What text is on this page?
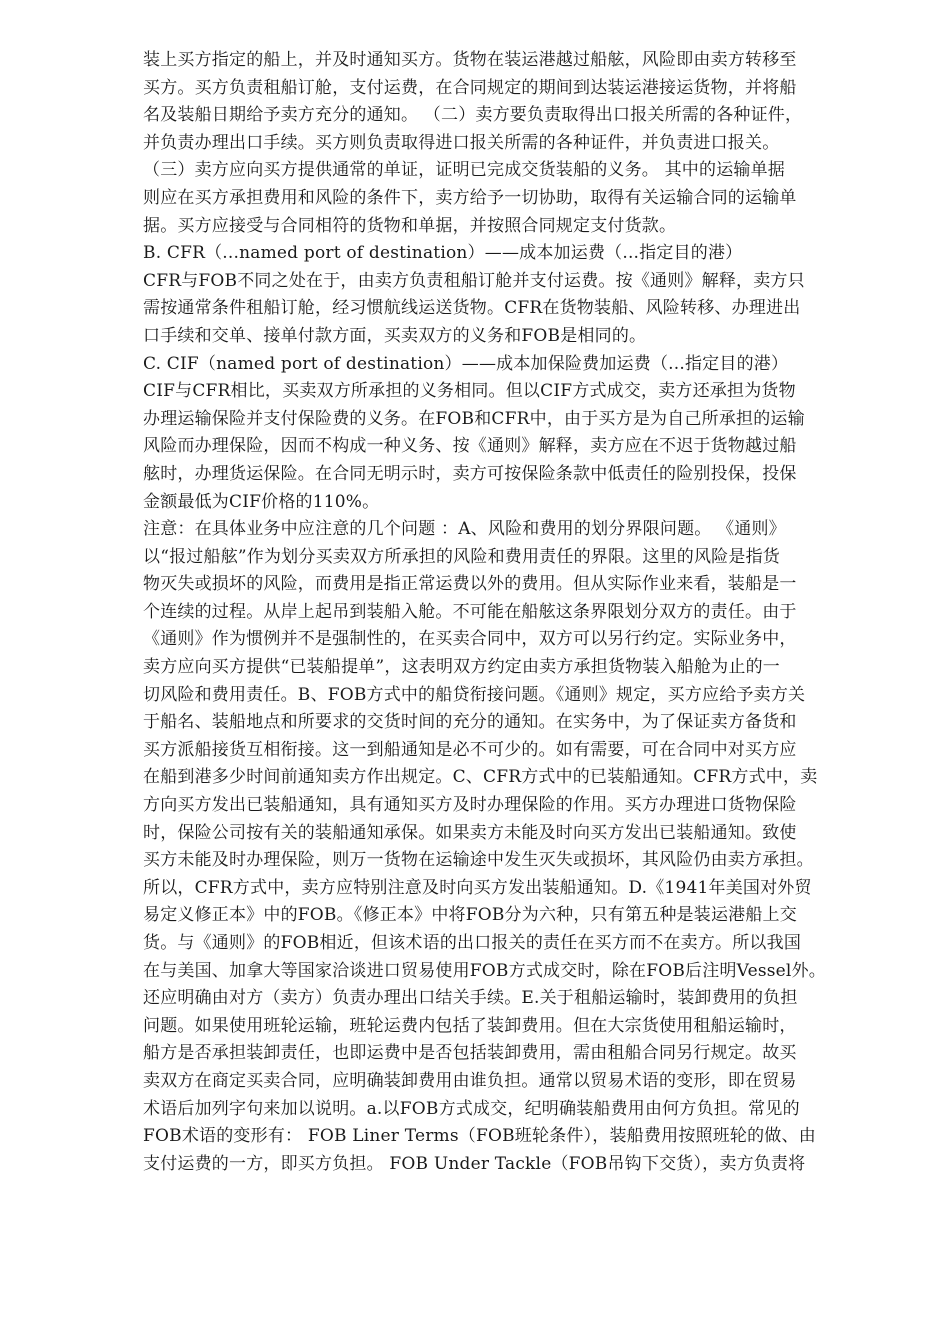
装上买方指定的船上，并及时通知买方。货物在装运港越过船舷，风险即由卖方转移至
买方。买方负责租船订舱，支付运费，在合同规定的期间到达装运港接运货物，并将船
名及装船日期给予卖方充分的通知。 （二）卖方要负责取得出口报关所需的各种证件，
并负责办理出口手续。买方则负责取得进口报关所需的各种证件，并负责进口报关。
（三）卖方应向买方提供通常的单证，证明已完成交货装船的义务。 其中的运输单据
则应在买方承担费用和风险的条件下，卖方给予一切协助，取得有关运输合同的运输单
据。买方应接受与合同相符的货物和单据，并按照合同规定支付货款。
B. CFR（...named port of destination）——成本加运费（...指定目的港）
CFR与FOB不同之处在于，由卖方负责租船订舱并支付运费。按《通则》解释，卖方只
需按通常条件租船订舱，经习惯航线运送货物。CFR在货物装船、风险转移、办理进出
口手续和交单、接单付款方面，买卖双方的义务和FOB是相同的。
C. CIF（named port of destination）——成本加保险费加运费（...指定目的港）
CIF与CFR相比，买卖双方所承担的义务相同。但以CIF方式成交，卖方还承担为货物
办理运输保险并支付保险费的义务。在FOB和CFR中，由于买方是为自己所承担的运输
风险而办理保险，因而不构成一种义务、按《通则》解释，卖方应在不迟于货物越过船
舷时，办理货运保险。在合同无明示时，卖方可按保险条款中低责任的险别投保，投保
金额最低为CIF价格的110%。
注意：在具体业务中应注意的几个问题 ：A、风险和费用的划分界限问题。 《通则》
以“报过船舷”作为划分买卖双方所承担的风险和费用责任的界限。这里的风险是指货
物灭失或损坏的风险，而费用是指正常运费以外的费用。但从实际作业来看，装船是一
个连续的过程。从岸上起吊到装船入舱。不可能在船舷这条界限划分双方的责任。由于
《通则》作为惯例并不是强制性的，在买卖合同中，双方可以另行约定。实际业务中，
卖方应向买方提供“已装船提单”，这表明双方约定由卖方承担货物装入船舱为止的一
切风险和费用责任。B、FOB方式中的船贷衔接问题。《通则》规定，买方应给予卖方关
于船名、装船地点和所要求的交货时间的充分的通知。在实务中，为了保证卖方备货和
买方派船接货互相衔接。这一到船通知是必不可少的。如有需要，可在合同中对买方应
在船到港多少时间前通知卖方作出规定。C、CFR方式中的已装船通知。CFR方式中，卖
方向买方发出已装船通知，具有通知买方及时办理保险的作用。买方办理进口货物保险
时，保险公司按有关的装船通知承保。如果卖方未能及时向买方发出已装船通知。致使
买方未能及时办理保险，则万一货物在运输途中发生灭失或损坏，其风险仍由卖方承担。
所以，CFR方式中，卖方应特别注意及时向买方发出装船通知。D.《1941年美国对外贸
易定义修正本》中的FOB。《修正本》中将FOB分为六种，只有第五种是装运港船上交
货。与《通则》的FOB相近，但该术语的出口报关的责任在买方而不在卖方。所以我国
在与美国、加拿大等国家洽谈进口贸易使用FOB方式成交时，除在FOB后注明Vessel外。
还应明确由对方（卖方）负责办理出口结关手续。E.关于租船运输时，装卸费用的负担
问题。如果使用班轮运输，班轮运费内包括了装卸费用。但在大宗货使用租船运输时，
船方是否承担装卸责任，也即运费中是否包括装卸费用，需由租船合同另行规定。故买
卖双方在商定买卖合同，应明确装卸费用由谁负担。通常以贸易术语的变形，即在贸易
术语后加列字句来加以说明。a.以FOB方式成交，纪明确装船费用由何方负担。常见的
FOB术语的变形有： FOB Liner Terms（FOB班轮条件），装船费用按照班轮的做、由
支付运费的一方，即买方负担。 FOB Under Tackle（FOB吊钩下交货），卖方负责将
